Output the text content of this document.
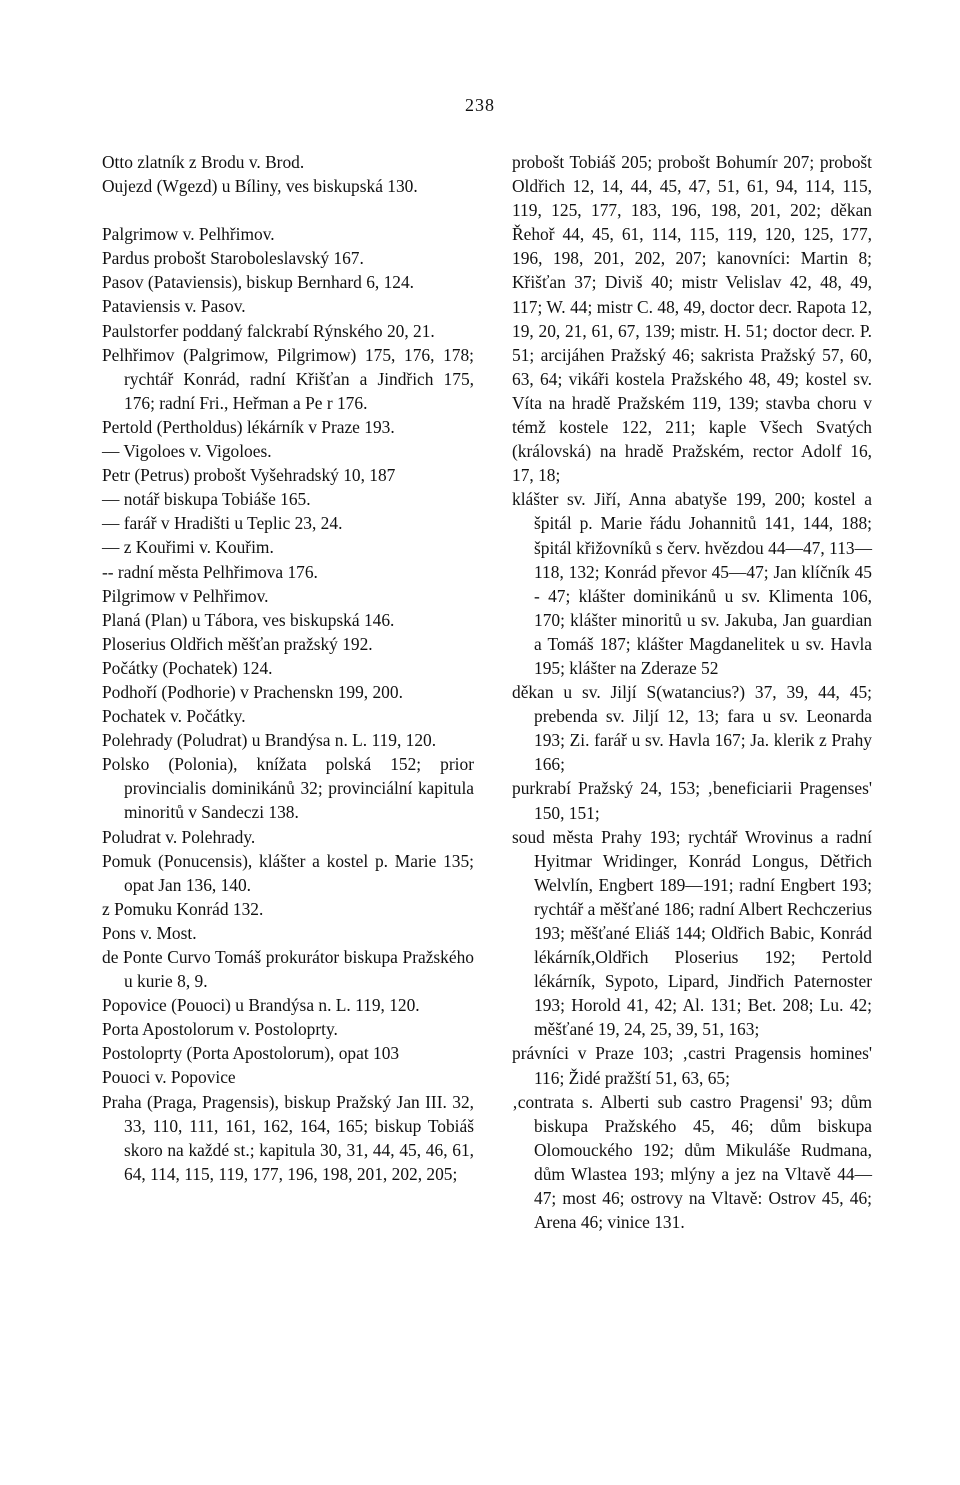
238

Otto zlatník z Brodu v. Brod.

Oujezd (Wgezd) u Bíliny, ves biskupská 130.

Palgrimow v. Pelhřimov.

Pardus probošt Staroboleslavský 167.

Pasov (Pataviensis), biskup Bernhard 6, 124.

Pataviensis v. Pasov.

Paulstorfer poddaný falckrabí Rýnského 20, 21.

Pelhřimov (Palgrimow, Pilgrimow) 175, 176, 178; rychtář Konrád, radní Křišťan a Jindřich 175, 176; radní Fri., Heřman a Pe r 176.

Pertold (Pertholdus) lékárník v Praze 193.

— Vigoloes v. Vigoloes.

Petr (Petrus) probošt Vyšehradský 10, 187

— notář biskupa Tobiáše 165.

— farář v Hradišti u Teplic 23, 24.

— z Kouřimi v. Kouřim.

-- radní města Pelhřimova 176.

Pilgrimow v Pelhřimov.

Planá (Plan) u Tábora, ves biskupská 146.

Ploserius Oldřich měšťan pražský 192.

Počátky (Pochatek) 124.

Podhoří (Podhorie) v Prachenskn 199, 200.

Pochatek v. Počátky.

Polehrady (Poludrat) u Brandýsa n. L. 119, 120.

Polsko (Polonia), knížata polská 152; prior provincialis dominikánů 32; provinciální kapitula minoritů v Sandeczi 138.

Poludrat v. Polehrady.

Pomuk (Ponucensis), klášter a kostel p. Marie 135; opat Jan 136, 140.

z Pomuku Konrád 132.

Pons v. Most.

de Ponte Curvo Tomáš prokurátor biskupa Pražského u kurie 8, 9.

Popovice (Pouoci) u Brandýsa n. L. 119, 120.

Porta Apostolorum v. Postoloprty.

Postoloprty (Porta Apostolorum), opat 103

Pouoci v. Popovice

Praha (Praga, Pragensis), biskup Pražský Jan III. 32, 33, 110, 111, 161, 162, 164, 165; biskup Tobiáš skoro na každé st.; kapitula 30, 31, 44, 45, 46, 61, 64, 114, 115, 119, 177, 196, 198, 201, 202, 205;

probošt Tobiáš 205; probošt Bohumír 207; probošt Oldřich 12, 14, 44, 45, 47, 51, 61, 94, 114, 115, 119, 125, 177, 183, 196, 198, 201, 202; děkan Řehoř 44, 45, 61, 114, 115, 119, 120, 125, 177, 196, 198, 201, 202, 207; kanovníci: Martin 8; Křišťan 37; Diviš 40; mistr Velislav 42, 48, 49, 117; W. 44; mistr C. 48, 49, doctor decr. Rapota 12, 19, 20, 21, 61, 67, 139; mistr. H. 51; doctor decr. P. 51; arcijáhen Pražský 46; sakrista Pražský 57, 60, 63, 64; vikáři kostela Pražského 48, 49; kostel sv. Víta na hradě Pražském 119, 139; stavba choru v témž kostele 122, 211; kaple Všech Svatých (královská) na hradě Pražském, rector Adolf 16, 17, 18;

klášter sv. Jiří, Anna abatyše 199, 200; kostel a špitál p. Marie řádu Johannitů 141, 144, 188; špitál křižovníků s červ. hvězdou 44—47, 113—118, 132; Konrád převor 45—47; Jan klíčník 45 - 47; klášter dominikánů u sv. Klimenta 106, 170; klášter minoritů u sv. Jakuba, Jan guardian a Tomáš 187; klášter Magdanelitek u sv. Havla 195; klášter na Zderaze 52

děkan u sv. Jiljí S(watancius?) 37, 39, 44, 45; prebenda sv. Jiljí 12, 13; fara u sv. Leonarda 193; Zi. farář u sv. Havla 167; Ja. klerik z Prahy 166;

purkrabí Pražský 24, 153; ‚beneficiarii Pragenses' 150, 151;

soud města Prahy 193; rychtář Wrovinus a radní Hyitmar Wridinger, Konrád Longus, Dětřich Welvlín, Engbert 189—191; radní Engbert 193; rychtář a měšťané 186; radní Albert Rechczerius 193; měšťané Eliáš 144; Oldřich Babic, Konrád lékárník,Oldřich Ploserius 192; Pertold lékárník, Sypoto, Lipard, Jindřich Paternoster 193; Horold 41, 42; Al. 131; Bet. 208; Lu. 42; měšťané 19, 24, 25, 39, 51, 163;

právníci v Praze 103; ‚castri Pragensis homines' 116; Židé pražští 51, 63, 65;

‚contrata s. Alberti sub castro Pragensi' 93; dům biskupa Pražského 45, 46; dům biskupa Olomouckého 192; dům Mikuláše Rudmana, dům Wlastea 193; mlýny a jez na Vltavě 44—47; most 46; ostrovy na Vltavě: Ostrov 45, 46; Arena 46; vinice 131.
